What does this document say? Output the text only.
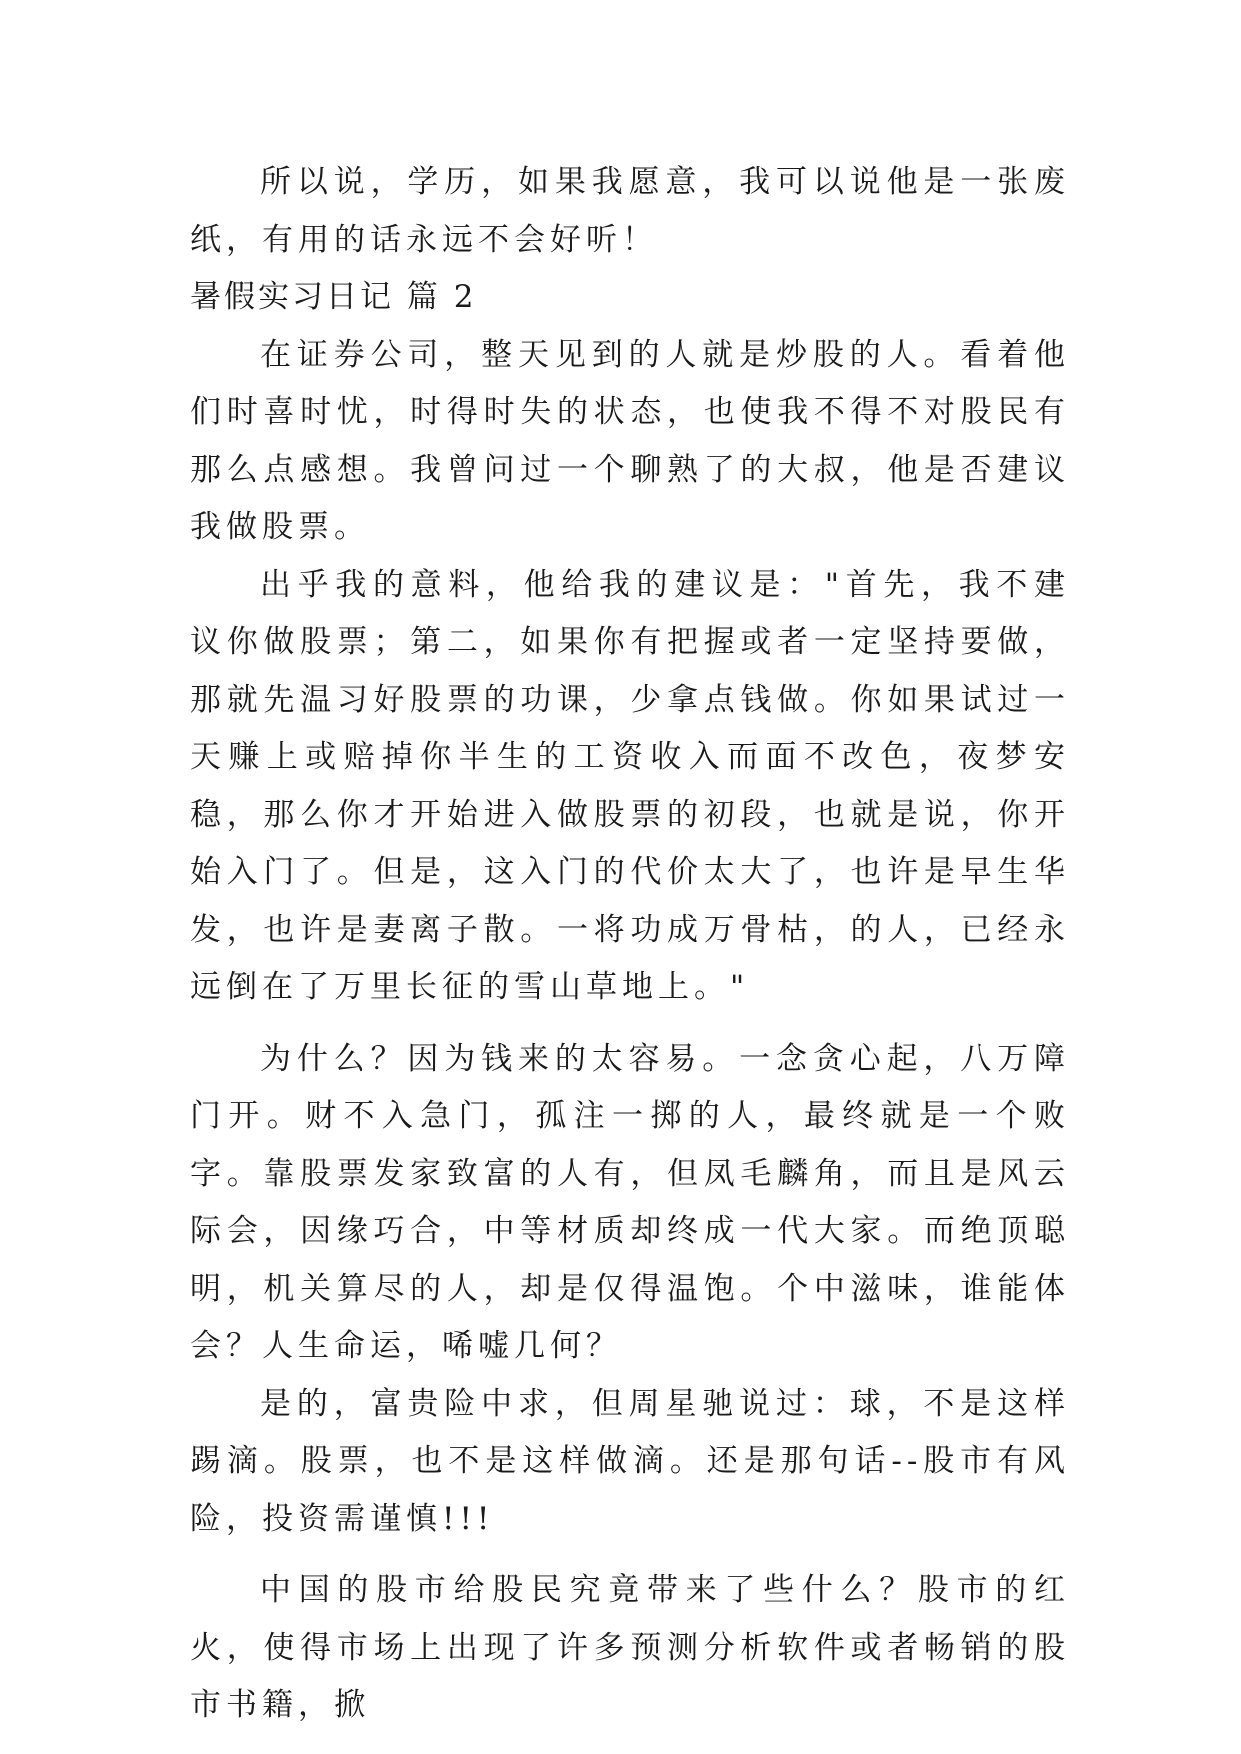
所以说，学历，如果我愿意，我可以说他是一张废纸，有用的话永远不会好听！

暑假实习日记 篇 2

在证券公司，整天见到的人就是炒股的人。看着他们时喜时忧，时得时失的状态，也使我不得不对股民有那么点感想。我曾问过一个聊熟了的大叔，他是否建议我做股票。

出乎我的意料，他给我的建议是："首先，我不建议你做股票；第二，如果你有把握或者一定坚持要做，那就先温习好股票的功课，少拿点钱做。你如果试过一天赚上或赔掉你半生的工资收入而面不改色，夜梦安稳，那么你才开始进入做股票的初段，也就是说，你开始入门了。但是，这入门的代价太大了，也许是早生华发，也许是妻离子散。一将功成万骨枯，的人，已经永远倒在了万里长征的雪山草地上。"

为什么？因为钱来的太容易。一念贪心起，八万障门开。财不入急门，孤注一掷的人，最终就是一个败字。靠股票发家致富的人有，但凤毛麟角，而且是风云际会，因缘巧合，中等材质却终成一代大家。而绝顶聪明，机关算尽的人，却是仅得温饱。个中滋味，谁能体会？人生命运，唏嘘几何？

是的，富贵险中求，但周星驰说过：球，不是这样踢滴。股票，也不是这样做滴。还是那句话--股市有风险，投资需谨慎!!!

中国的股市给股民究竟带来了些什么？股市的红火，使得市场上出现了许多预测分析软件或者畅销的股市书籍，掀
